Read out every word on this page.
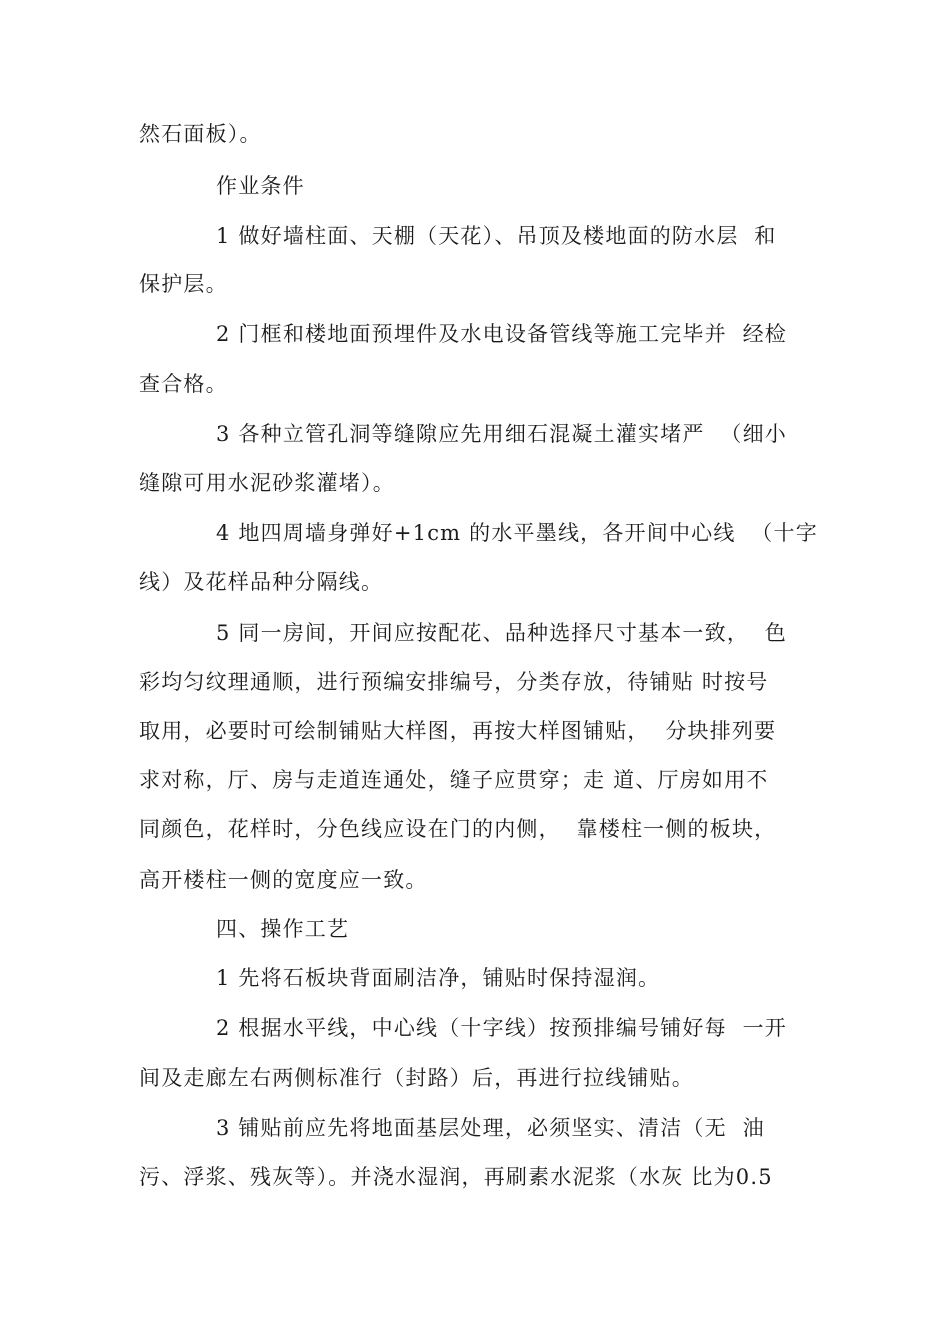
然石面板）。
作业条件
1 做好墙柱面、天棚（天花）、吊顶及楼地面的防水层  和
保护层。
2 门框和楼地面预埋件及水电设备管线等施工完毕并  经检
查合格。
3 各种立管孔洞等缝隙应先用细石混凝土灌实堵严  （细小
缝隙可用水泥砂浆灌堵）。
4 地四周墙身弹好+1cm 的水平墨线，各开间中心线  （十字
线）及花样品种分隔线。
5 同一房间，开间应按配花、品种选择尺寸基本一致，  色
彩均匀纹理通顺，进行预编安排编号，分类存放，待铺贴 时按号
取用，必要时可绘制铺贴大样图，再按大样图铺贴，  分块排列要
求对称，厅、房与走道连通处，缝子应贯穿；走 道、厅房如用不
同颜色，花样时，分色线应设在门的内侧，  靠楼柱一侧的板块，
高开楼柱一侧的宽度应一致。
四、操作工艺
1 先将石板块背面刷洁净，铺贴时保持湿润。
2 根据水平线，中心线（十字线）按预排编号铺好每  一开
间及走廊左右两侧标准行（封路）后，再进行拉线铺贴。
3 铺贴前应先将地面基层处理，必须坚实、清洁（无  油
污、浮浆、残灰等）。并浇水湿润，再刷素水泥浆（水灰 比为0.5
